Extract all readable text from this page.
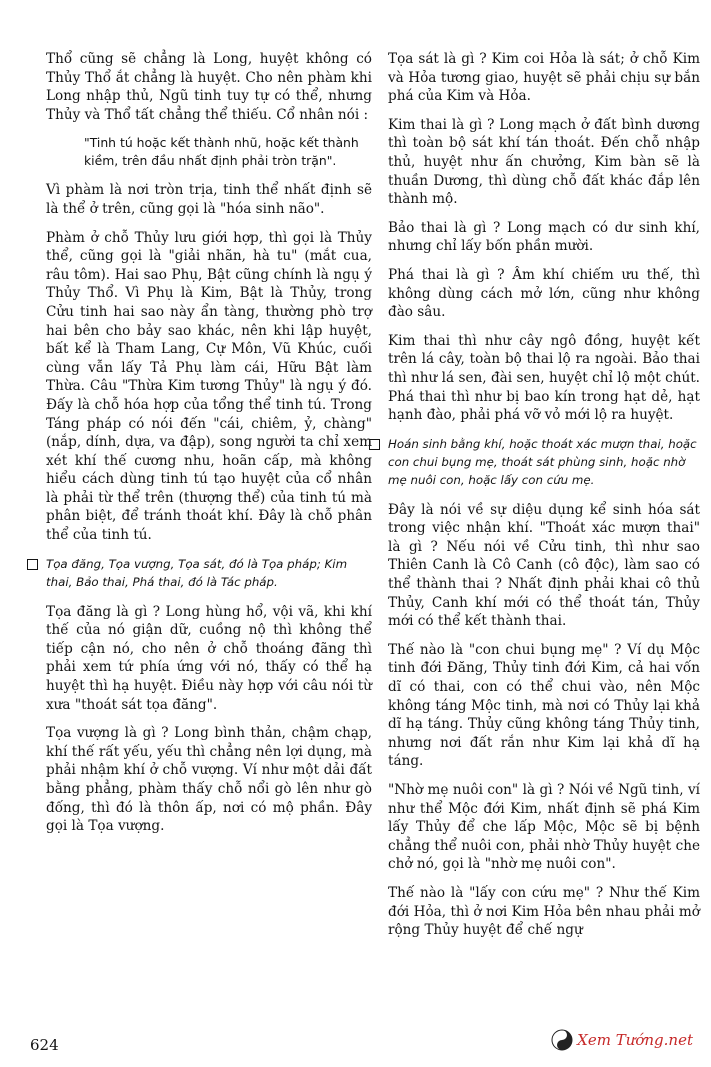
Thổ cũng sẽ chẳng là Long, huyệt không có Thủy Thổ ắt chẳng là huyệt. Cho nên phàm khi Long nhập thủ, Ngũ tinh tuy tự có thể, nhưng Thủy và Thổ tất chẳng thể thiếu. Cổ nhân nói :

"Tinh tú hoặc kết thành nhũ, hoặc kết thành kiềm, trên đầu nhất định phải tròn trặn".

Vì phàm là nơi tròn trịa, tinh thể nhất định sẽ là thể ở trên, cũng gọi là "hóa sinh não".

Phàm ở chỗ Thủy lưu giới hợp, thì gọi là Thủy thể, cũng gọi là "giải nhãn, hà tu" (mắt cua, râu tôm). Hai sao Phụ, Bật cũng chính là ngụ ý Thủy Thổ. Vì Phụ là Kim, Bật là Thủy, trong Cửu tinh hai sao này ẩn tàng, thường phò trợ hai bên cho bảy sao khác, nên khi lập huyệt, bất kể là Tham Lang, Cự Môn, Vũ Khúc, cuối cùng vẫn lấy Tả Phụ làm cái, Hữu Bật làm Thừa. Câu "Thừa Kim tương Thủy" là ngụ ý đó. Đấy là chỗ hóa hợp của tổng thể tinh tú. Trong Táng pháp có nói đến "cái, chiêm, ỷ, chàng" (nắp, dính, dựa, va đập), song người ta chỉ xem xét khí thế cương nhu, hoãn cấp, mà không hiểu cách dùng tinh tú tạo huyệt của cổ nhân là phải từ thể trên (thượng thể) của tinh tú mà phân biệt, để tránh thoát khí. Đây là chỗ phân thể của tinh tú.

Tọa đăng, Tọa vượng, Tọa sát, đó là Tọa pháp; Kim thai, Bảo thai, Phá thai, đó là Tác pháp.

Tọa đăng là gì ? Long hùng hổ, vội vã, khi khí thế của nó giận dữ, cuồng nộ thì không thể tiếp cận nó, cho nên ở chỗ thoáng đãng thì phải xem tứ phía ứng với nó, thấy có thể hạ huyệt thì hạ huyệt. Điều này hợp với câu nói từ xưa "thoát sát tọa đăng".

Tọa vượng là gì ? Long bình thản, chậm chạp, khí thế rất yếu, yếu thì chẳng nên lợi dụng, mà phải nhậm khí ở chỗ vượng. Ví như một dải đất bằng phẳng, phàm thấy chỗ nổi gò lên như gò đống, thì đó là thôn ấp, nơi có mộ phần. Đây gọi là Tọa vượng.

Tọa sát là gì ? Kim coi Hỏa là sát; ở chỗ Kim và Hỏa tương giao, huyệt sẽ phải chịu sự bắn phá của Kim và Hỏa.

Kim thai là gì ? Long mạch ở đất bình dương thì toàn bộ sát khí tán thoát. Đến chỗ nhập thủ, huyệt như ấn chưởng, Kim bàn sẽ là thuần Dương, thì dùng chỗ đất khác đắp lên thành mộ.

Bảo thai là gì ? Long mạch có dư sinh khí, nhưng chỉ lấy bốn phần mười.

Phá thai là gì ? Âm khí chiếm ưu thế, thì không dùng cách mở lớn, cũng như không đào sâu.

Kim thai thì như cây ngô đồng, huyệt kết trên lá cây, toàn bộ thai lộ ra ngoài. Bảo thai thì như lá sen, đài sen, huyệt chỉ lộ một chút. Phá thai thì như bị bao kín trong hạt dẻ, hạt hạnh đào, phải phá vỡ vỏ mới lộ ra huyệt.

Hoán sinh bằng khí, hoặc thoát xác mượn thai, hoặc con chui bụng mẹ, thoát sát phùng sinh, hoặc nhờ mẹ nuôi con, hoặc lấy con cứu mẹ.

Đây là nói về sự diệu dụng kể sinh hóa sát trong việc nhận khí. "Thoát xác mượn thai" là gì ? Nếu nói về Cửu tinh, thì như sao Thiên Canh là Cô Canh (cô độc), làm sao có thể thành thai ? Nhất định phải khai cô thủ Thủy, Canh khí mới có thể thoát tán, Thủy mới có thể kết thành thai.

Thế nào là "con chui bụng mẹ" ? Ví dụ Mộc tinh đới Đăng, Thủy tinh đới Kim, cả hai vốn dĩ có thai, con có thể chui vào, nên Mộc không táng Mộc tinh, mà nơi có Thủy lại khả dĩ hạ táng. Thủy cũng không táng Thủy tinh, nhưng nơi đất rắn như Kim lại khả dĩ hạ táng.

"Nhờ mẹ nuôi con" là gì ? Nói về Ngũ tinh, ví như thể Mộc đới Kim, nhất định sẽ phá Kim lấy Thủy để che lấp Mộc, Mộc sẽ bị bệnh chẳng thể nuôi con, phải nhờ Thủy huyệt che chở nó, gọi là "nhờ mẹ nuôi con".

Thế nào là "lấy con cứu mẹ" ? Như thế Kim đới Hỏa, thì ở nơi Kim Hỏa bên nhau phải mở rộng Thủy huyệt để chế ngự

624	Xem Tướng.net
